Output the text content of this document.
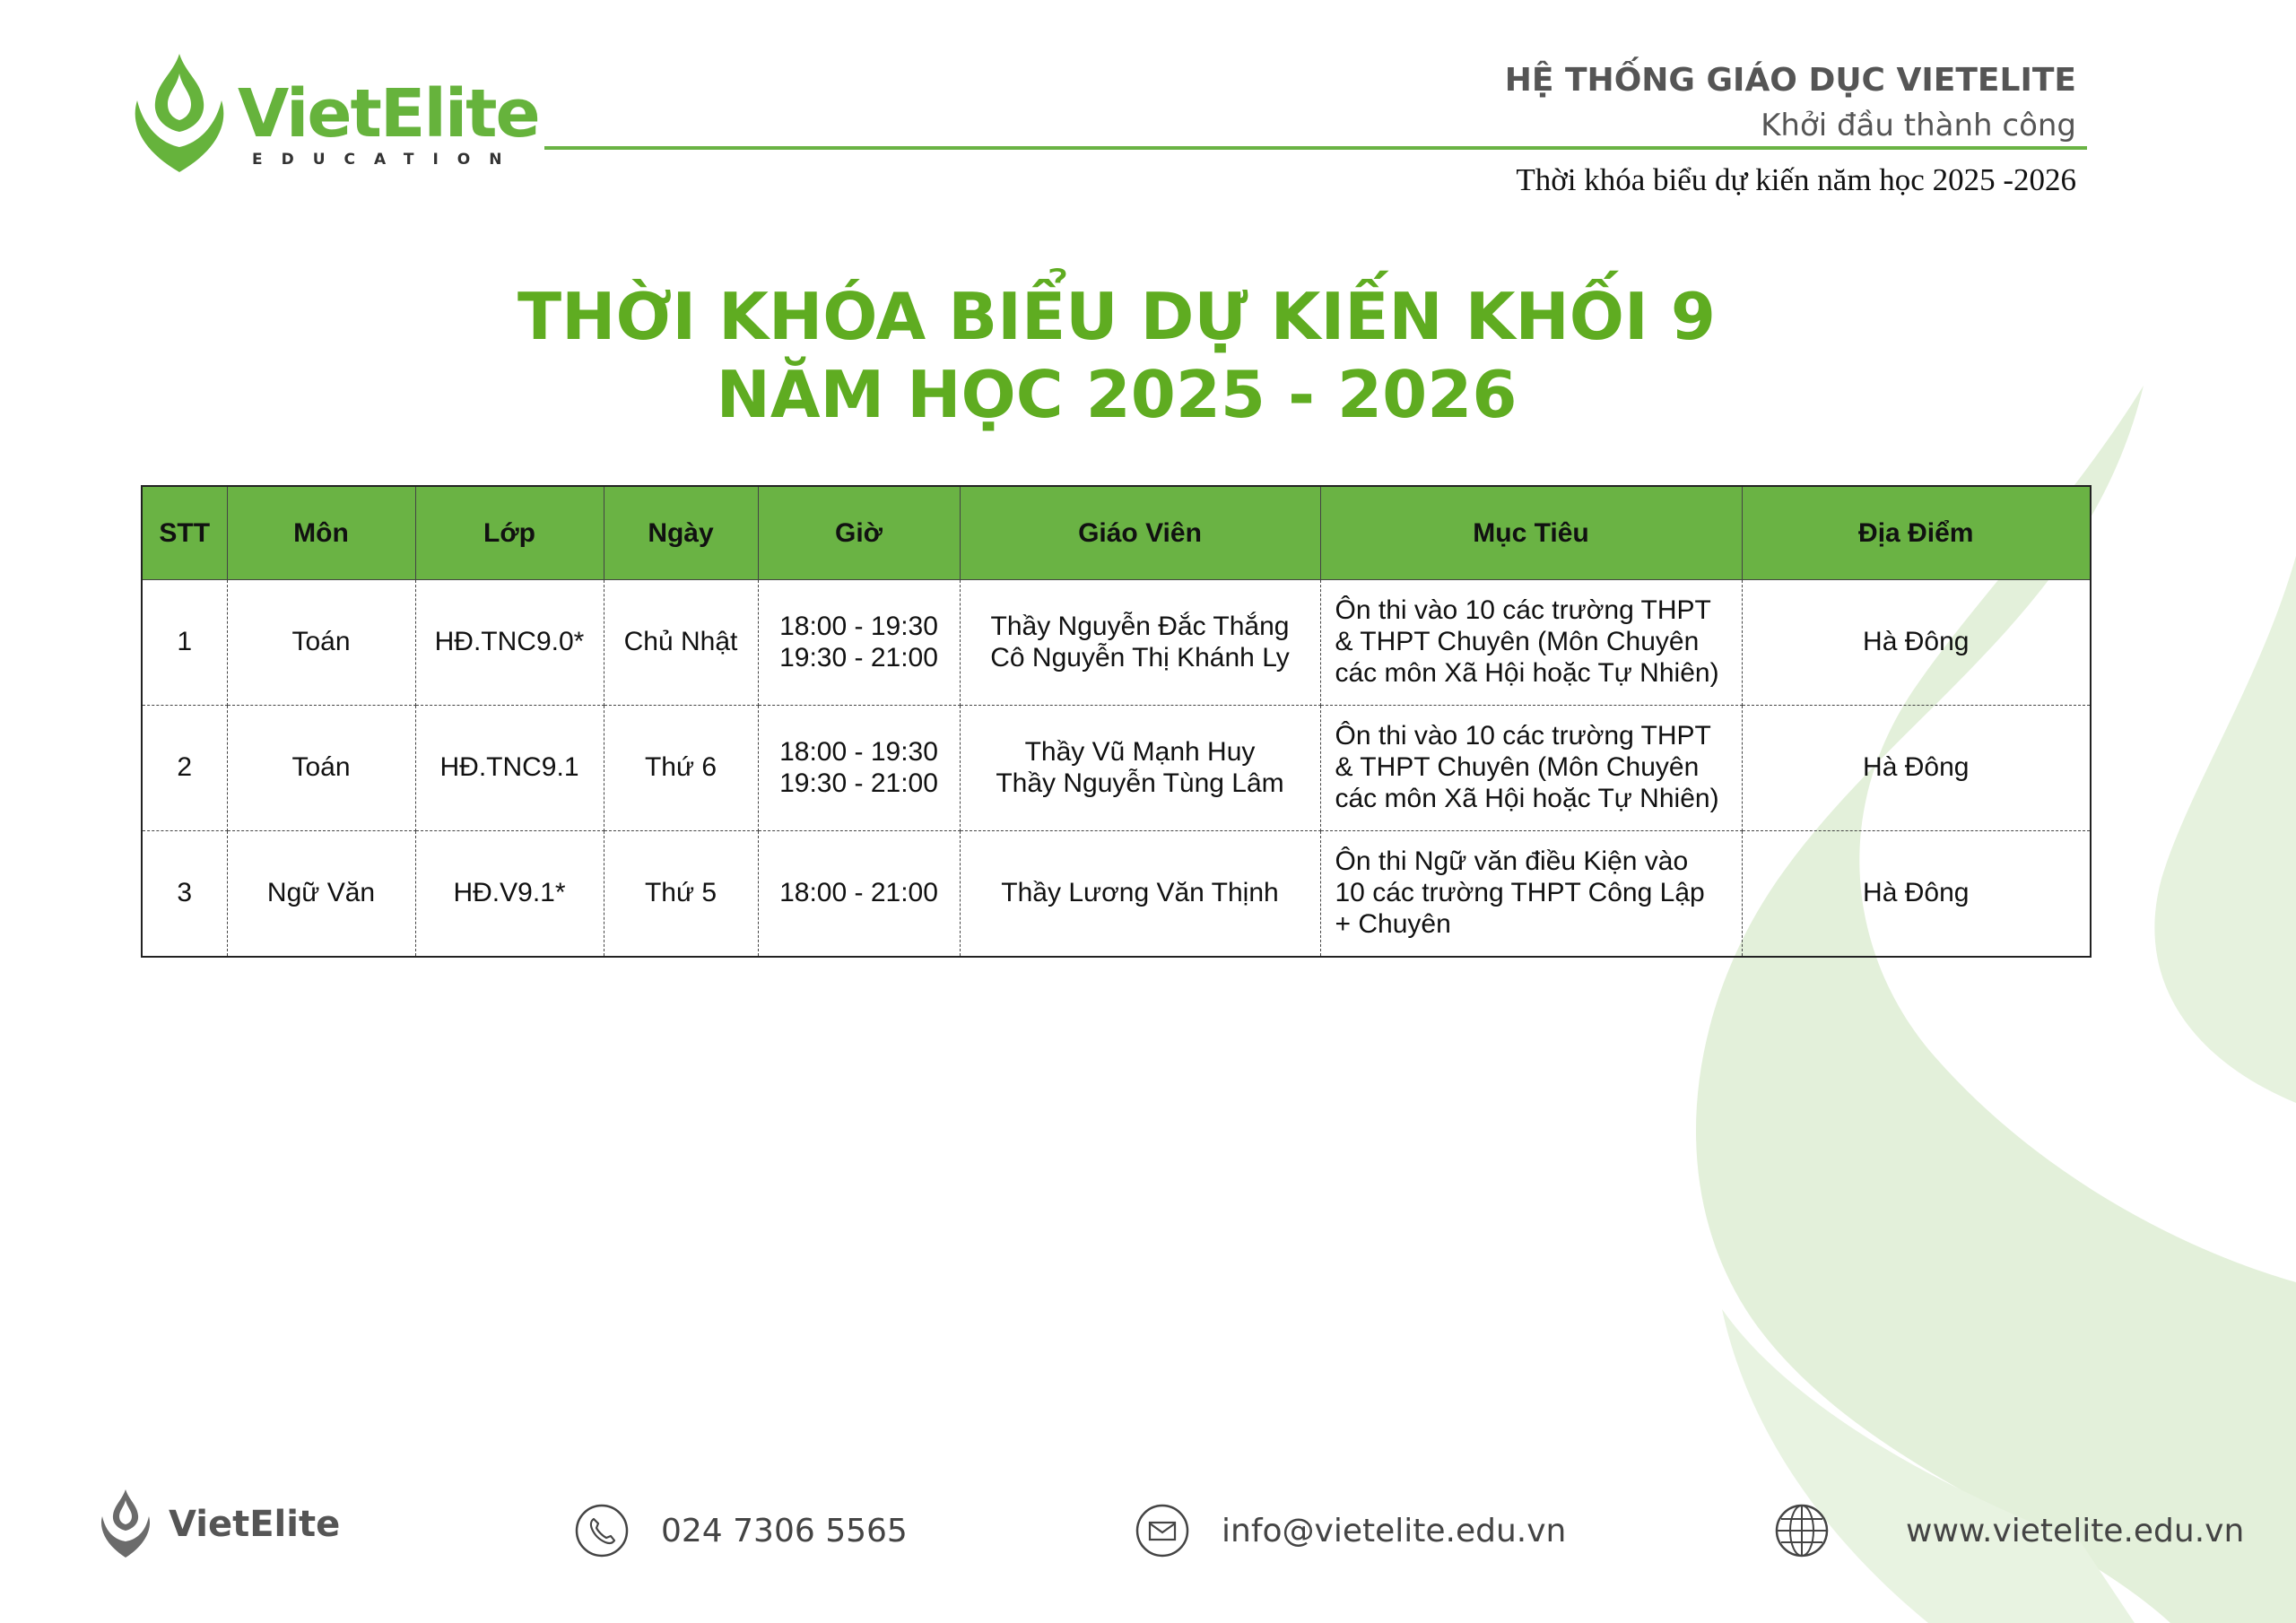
VietElite
EDUCATION
HỆ THỐNG GIÁO DỤC VIETELITE
Khởi đầu thành công
Thời khóa biểu dự kiến năm học 2025 -2026
THỜI KHÓA BIỂU DỰ KIẾN KHỐI 9
NĂM HỌC 2025 - 2026
STT	Môn	Lớp	Ngày	Giờ	Giáo Viên	Mục Tiêu	Địa Điểm
1	Toán	HĐ.TNC9.0*	Chủ Nhật	18:00 - 19:30
19:30 - 21:00	Thầy Nguyễn Đắc Thắng
Cô Nguyễn Thị Khánh Ly	Ôn thi vào 10 các trường THPT
& THPT Chuyên (Môn Chuyên
các môn Xã Hội hoặc Tự Nhiên)	Hà Đông
2	Toán	HĐ.TNC9.1	Thứ 6	18:00 - 19:30
19:30 - 21:00	Thầy Vũ Mạnh Huy
Thầy Nguyễn Tùng Lâm	Ôn thi vào 10 các trường THPT
& THPT Chuyên (Môn Chuyên
các môn Xã Hội hoặc Tự Nhiên)	Hà Đông
3	Ngữ Văn	HĐ.V9.1*	Thứ 5	18:00 - 21:00	Thầy Lương Văn Thịnh	Ôn thi Ngữ văn điều Kiện vào
10 các trường THPT Công Lập
+ Chuyên	Hà Đông
VietElite	024 7306 5565	info@vietelite.edu.vn	www.vietelite.edu.vn
